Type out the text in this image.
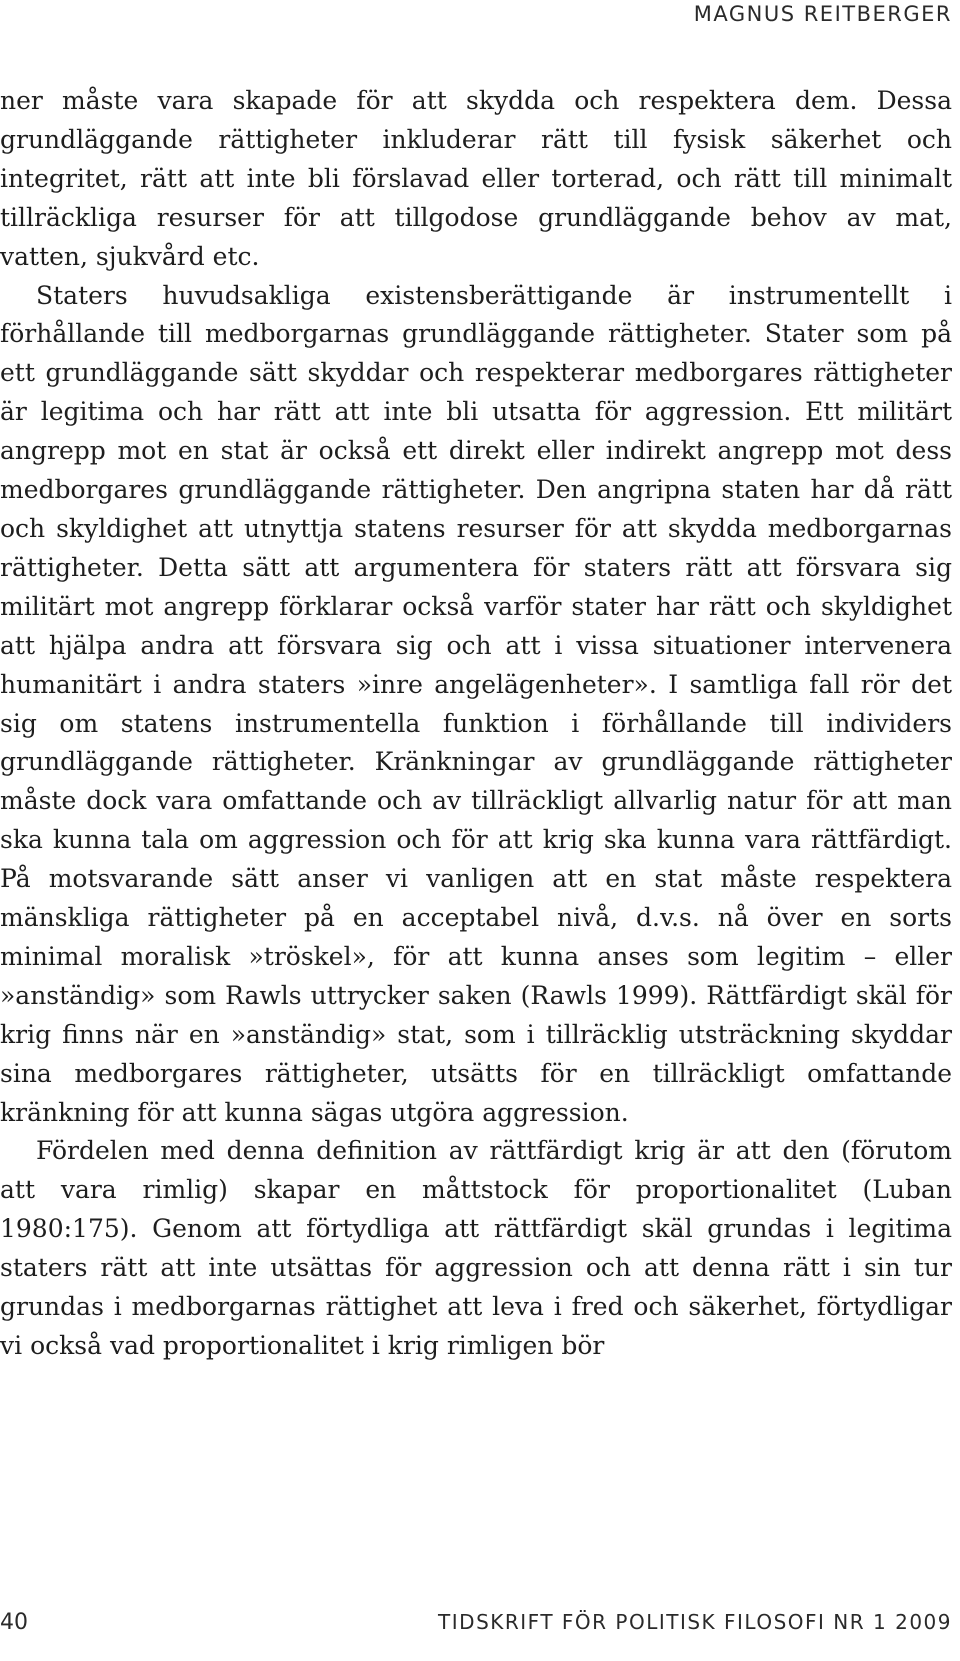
MAGNUS REITBERGER

ner måste vara skapade för att skydda och respektera dem. Dessa grundläggande rättigheter inkluderar rätt till fysisk säkerhet och integritet, rätt att inte bli förslavad eller torterad, och rätt till minimalt tillräckliga resurser för att tillgodose grundläggande behov av mat, vatten, sjukvård etc.

Staters huvudsakliga existensberättigande är instrumentellt i förhållande till medborgarnas grundläggande rättigheter. Stater som på ett grundläggande sätt skyddar och respekterar medborgares rättigheter är legitima och har rätt att inte bli utsatta för aggression. Ett militärt angrepp mot en stat är också ett direkt eller indirekt angrepp mot dess medborgares grundläggande rättigheter. Den angripna staten har då rätt och skyldighet att utnyttja statens resurser för att skydda medborgarnas rättigheter. Detta sätt att argumentera för staters rätt att försvara sig militärt mot angrepp förklarar också varför stater har rätt och skyldighet att hjälpa andra att försvara sig och att i vissa situationer intervenera humanitärt i andra staters »inre angelägenheter». I samtliga fall rör det sig om statens instrumentella funktion i förhållande till individers grundläggande rättigheter. Kränkningar av grundläggande rättigheter måste dock vara omfattande och av tillräckligt allvarlig natur för att man ska kunna tala om aggression och för att krig ska kunna vara rättfärdigt. På motsvarande sätt anser vi vanligen att en stat måste respektera mänskliga rättigheter på en acceptabel nivå, d.v.s. nå över en sorts minimal moralisk »tröskel», för att kunna anses som legitim – eller »anständig» som Rawls uttrycker saken (Rawls 1999). Rättfärdigt skäl för krig finns när en »anständig» stat, som i tillräcklig utsträckning skyddar sina medborgares rättigheter, utsätts för en tillräckligt omfattande kränkning för att kunna sägas utgöra aggression.

Fördelen med denna definition av rättfärdigt krig är att den (förutom att vara rimlig) skapar en måttstock för proportionalitet (Luban 1980:175). Genom att förtydliga att rättfärdigt skäl grundas i legitima staters rätt att inte utsättas för aggression och att denna rätt i sin tur grundas i medborgarnas rättighet att leva i fred och säkerhet, förtydligar vi också vad proportionalitet i krig rimligen bör

40	TIDSKRIFT FÖR POLITISK FILOSOFI NR 1 2009
